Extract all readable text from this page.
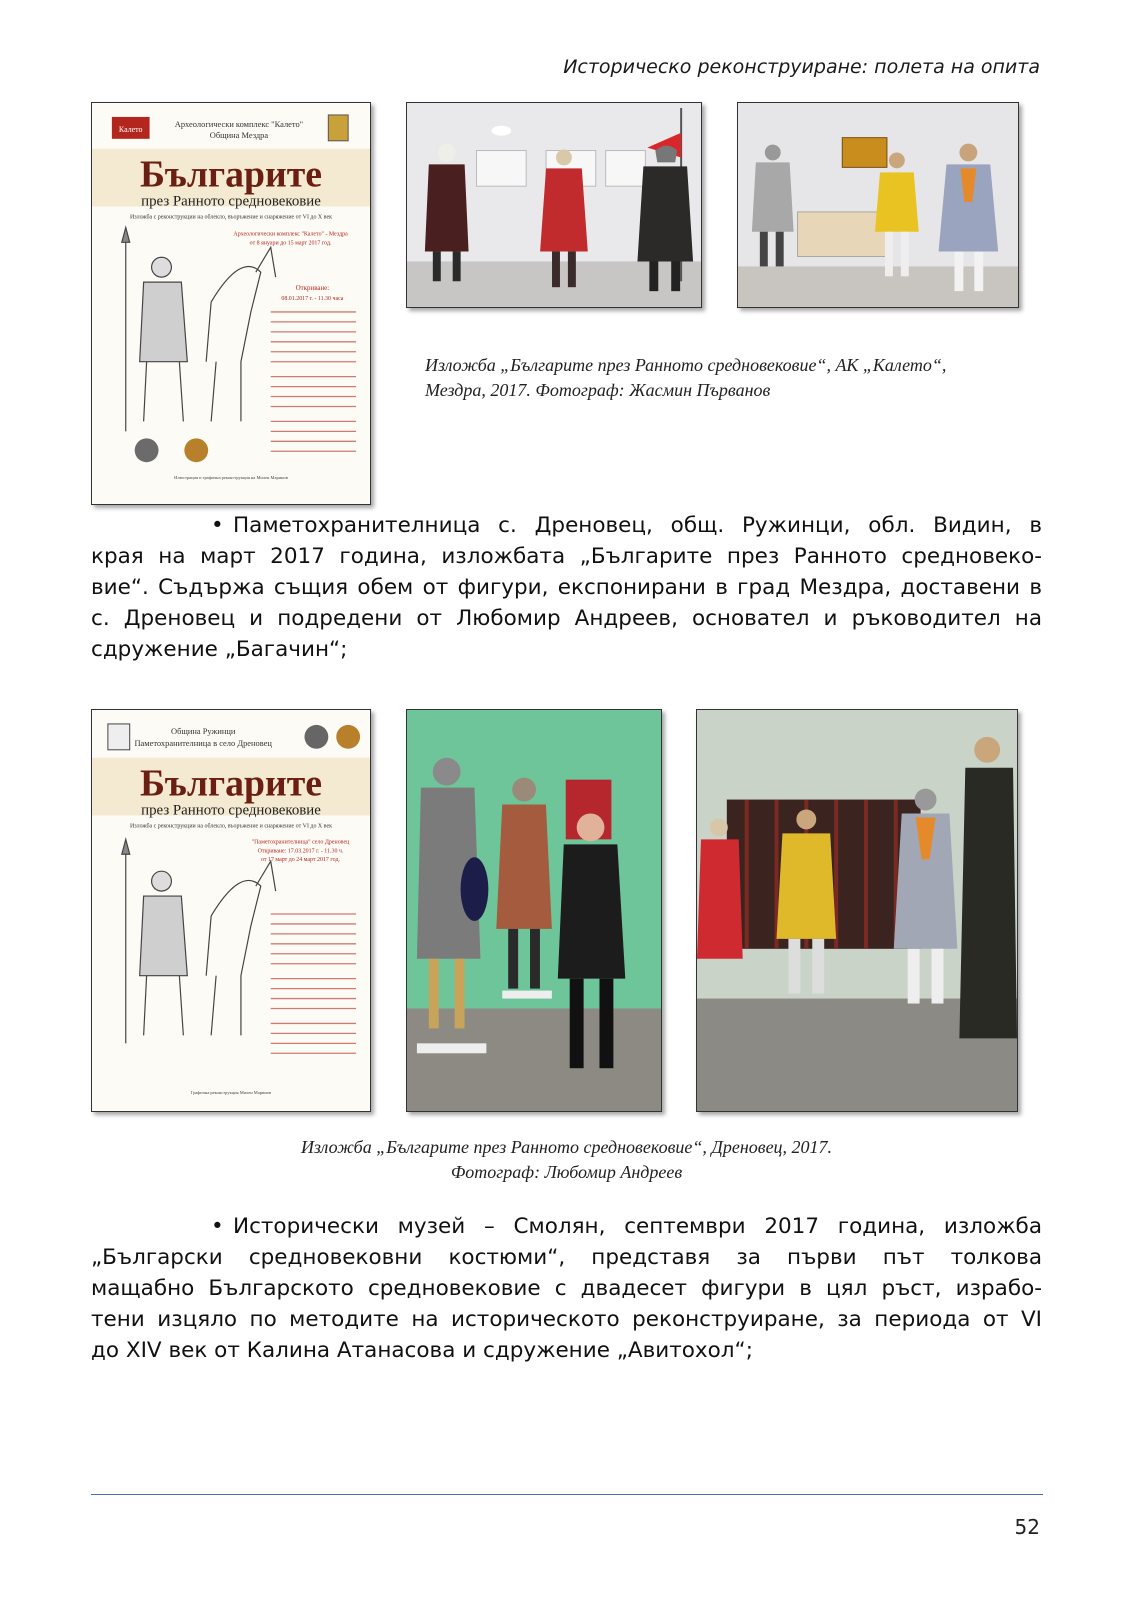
Историческо реконструиране: полета на опита
Калето
Археологически комплекс "Калето"
Община Мездра
Българите
през Ранното средновековие
Изложба с реконструкции на облекло, въоръжение и снаряжение от VI до X век
Археологически комплекс "Калето" - Мездра
от 8 януари до 15 март 2017 год.
Откриване:
08.01.2017 г. - 11.30 часа
Илюстрация и графична реконструкция на Милен Маринов
Изложба „Българите през Ранното средновековие“, АК „Калето“,
Мездра, 2017. Фотограф: Жасмин Първанов
• Паметохранителница с. Дреновец, общ. Ружинци, обл. Видин, в
края на март 2017 година, изложбата „Българите през Ранното средновеко-
вие“. Съдържа същия обем от фигури, експонирани в град Мездра, доставени в
с. Дреновец и подредени от Любомир Андреев, основател и ръководител на
сдружение „Багачин“;
Община Ружинци
Паметохранителница в село Дреновец
Българите
през Ранното средновековие
Изложба с реконструкции на облекло, въоръжение и снаряжение от VI до X век
"Паметохранителница" село Дреновец
Откриване: 17.03.2017 г. - 11.30 ч.
от 17 март до 24 март 2017 год.
Графична реконструкция Милен Маринов
Изложба „Българите през Ранното средновековие“, Дреновец, 2017.
Фотограф: Любомир Андреев
• Исторически музей – Смолян, септември 2017 година, изложба
„Български средновековни костюми“, представя за първи път толкова
мащабно Българското средновековие с двадесет фигури в цял ръст, израбо-
тени изцяло по методите на историческото реконструиране, за периода от VI
до XIV век от Калина Атанасова и сдружение „Авитохол“;
52
